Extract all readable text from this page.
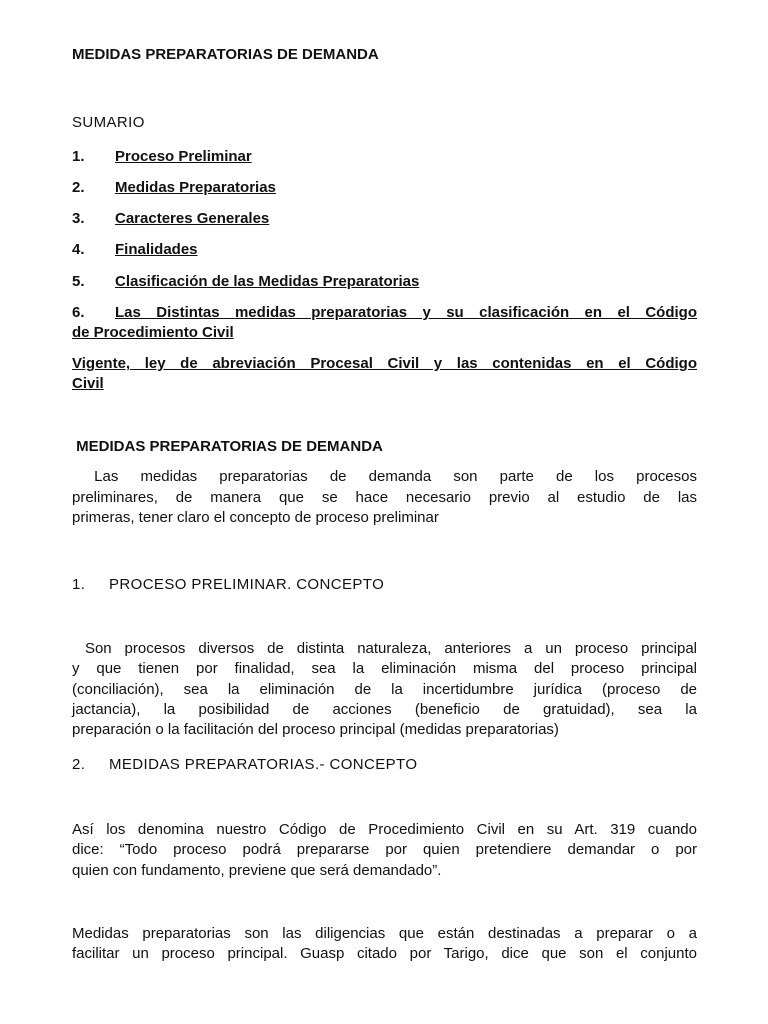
MEDIDAS PREPARATORIAS DE DEMANDA
SUMARIO
1. Proceso Preliminar
2. Medidas Preparatorias
3. Caracteres Generales
4. Finalidades
5. Clasificación de las Medidas Preparatorias
6. Las Distintas medidas preparatorias y su clasificación en el Código
de Procedimiento Civil
Vigente, ley de abreviación Procesal Civil y las contenidas en el Código
Civil
MEDIDAS PREPARATORIAS DE DEMANDA
Las medidas preparatorias de demanda son parte de los procesos
preliminares, de manera que se hace necesario previo al estudio de las
primeras, tener claro el concepto de proceso preliminar
1. PROCESO PRELIMINAR. CONCEPTO
Son procesos diversos de distinta naturaleza, anteriores a un proceso principal
y que tienen por finalidad, sea la eliminación misma del proceso principal
(conciliación), sea la eliminación de la incertidumbre jurídica (proceso de
jactancia), la posibilidad de acciones (beneficio de gratuidad), sea la
preparación o la facilitación del proceso principal (medidas preparatorias)
2. MEDIDAS PREPARATORIAS.- CONCEPTO
Así los denomina nuestro Código de Procedimiento Civil en su Art. 319 cuando
dice: “Todo proceso podrá prepararse por quien pretendiere demandar o por
quien con fundamento, previene que será demandado”.
Medidas preparatorias son las diligencias que están destinadas a preparar o a
facilitar un proceso principal. Guasp citado por Tarigo, dice que son el conjunto
